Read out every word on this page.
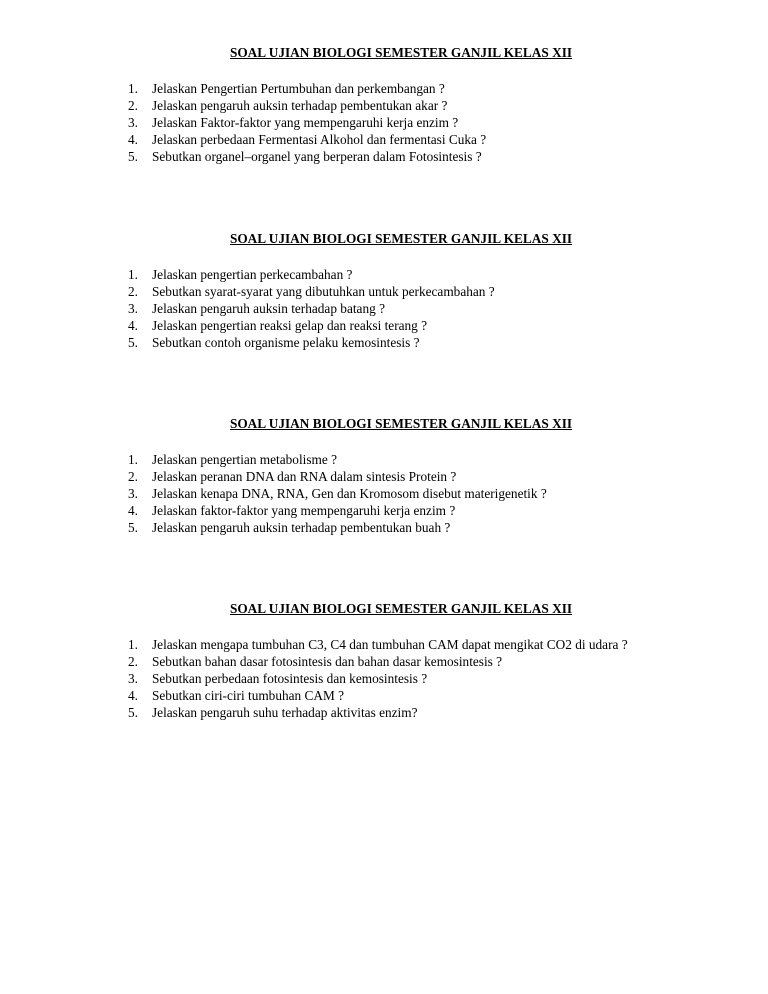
SOAL UJIAN BIOLOGI SEMESTER GANJIL KELAS XII
1. Jelaskan Pengertian Pertumbuhan dan perkembangan ?
2. Jelaskan pengaruh auksin terhadap pembentukan akar ?
3. Jelaskan Faktor-faktor yang mempengaruhi kerja enzim ?
4. Jelaskan perbedaan Fermentasi Alkohol dan fermentasi Cuka ?
5. Sebutkan organel–organel yang berperan dalam Fotosintesis ?
SOAL UJIAN BIOLOGI SEMESTER GANJIL KELAS XII
1. Jelaskan pengertian perkecambahan ?
2. Sebutkan syarat-syarat yang dibutuhkan untuk perkecambahan ?
3. Jelaskan pengaruh auksin terhadap batang ?
4. Jelaskan pengertian reaksi gelap dan reaksi terang ?
5. Sebutkan contoh organisme pelaku kemosintesis ?
SOAL UJIAN BIOLOGI SEMESTER GANJIL KELAS XII
1. Jelaskan pengertian metabolisme ?
2. Jelaskan peranan DNA dan RNA dalam sintesis Protein ?
3. Jelaskan kenapa DNA, RNA, Gen dan Kromosom disebut materigenetik ?
4. Jelaskan faktor-faktor yang mempengaruhi kerja enzim ?
5. Jelaskan pengaruh auksin terhadap pembentukan buah ?
SOAL UJIAN BIOLOGI SEMESTER GANJIL KELAS XII
1. Jelaskan mengapa tumbuhan C3, C4 dan tumbuhan CAM dapat mengikat CO2 di udara ?
2. Sebutkan bahan dasar fotosintesis dan bahan dasar kemosintesis ?
3. Sebutkan perbedaan fotosintesis dan kemosintesis ?
4. Sebutkan ciri-ciri tumbuhan CAM ?
5. Jelaskan pengaruh suhu terhadap aktivitas enzim?
